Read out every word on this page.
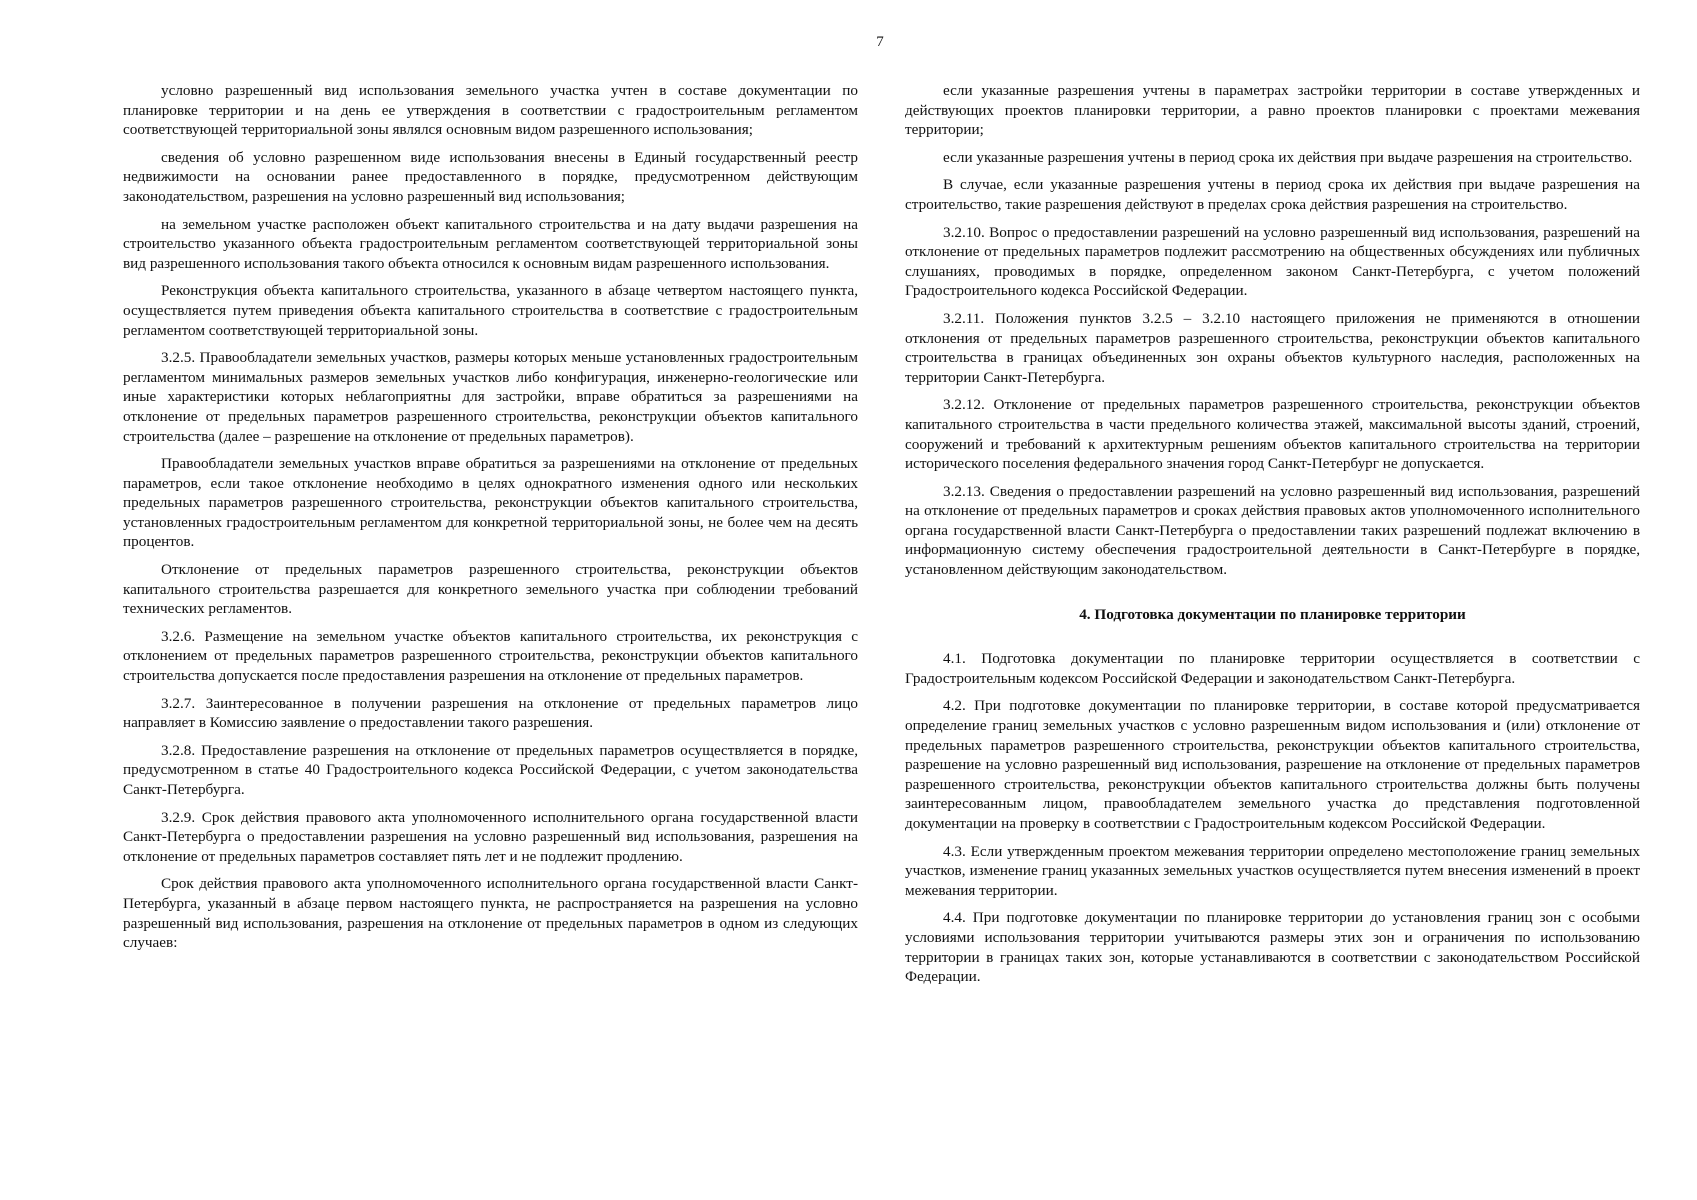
7

условно разрешенный вид использования земельного участка учтен в составе документации по планировке территории и на день ее утверждения в соответствии с градостроительным регламентом соответствующей территориальной зоны являлся основным видом разрешенного использования;

сведения об условно разрешенном виде использования внесены в Единый государственный реестр недвижимости на основании ранее предоставленного в порядке, предусмотренном действующим законодательством, разрешения на условно разрешенный вид использования;

на земельном участке расположен объект капитального строительства и на дату выдачи разрешения на строительство указанного объекта градостроительным регламентом соответствующей территориальной зоны вид разрешенного использования такого объекта относился к основным видам разрешенного использования.

Реконструкция объекта капитального строительства, указанного в абзаце четвертом настоящего пункта, осуществляется путем приведения объекта капитального строительства в соответствие с градостроительным регламентом соответствующей территориальной зоны.

3.2.5. Правообладатели земельных участков, размеры которых меньше установленных градостроительным регламентом минимальных размеров земельных участков либо конфигурация, инженерно-геологические или иные характеристики которых неблагоприятны для застройки, вправе обратиться за разрешениями на отклонение от предельных параметров разрешенного строительства, реконструкции объектов капитального строительства (далее – разрешение на отклонение от предельных параметров).

Правообладатели земельных участков вправе обратиться за разрешениями на отклонение от предельных параметров, если такое отклонение необходимо в целях однократного изменения одного или нескольких предельных параметров разрешенного строительства, реконструкции объектов капитального строительства, установленных градостроительным регламентом для конкретной территориальной зоны, не более чем на десять процентов.

Отклонение от предельных параметров разрешенного строительства, реконструкции объектов капитального строительства разрешается для конкретного земельного участка при соблюдении требований технических регламентов.

3.2.6. Размещение на земельном участке объектов капитального строительства, их реконструкция с отклонением от предельных параметров разрешенного строительства, реконструкции объектов капитального строительства допускается после предоставления разрешения на отклонение от предельных параметров.

3.2.7. Заинтересованное в получении разрешения на отклонение от предельных параметров лицо направляет в Комиссию заявление о предоставлении такого разрешения.

3.2.8. Предоставление разрешения на отклонение от предельных параметров осуществляется в порядке, предусмотренном в статье 40 Градостроительного кодекса Российской Федерации, с учетом законодательства Санкт-Петербурга.

3.2.9. Срок действия правового акта уполномоченного исполнительного органа государственной власти Санкт-Петербурга о предоставлении разрешения на условно разрешенный вид использования, разрешения на отклонение от предельных параметров составляет пять лет и не подлежит продлению.

Срок действия правового акта уполномоченного исполнительного органа государственной власти Санкт-Петербурга, указанный в абзаце первом настоящего пункта, не распространяется на разрешения на условно разрешенный вид использования, разрешения на отклонение от предельных параметров в одном из следующих случаев:

если указанные разрешения учтены в параметрах застройки территории в составе утвержденных и действующих проектов планировки территории, а равно проектов планировки с проектами межевания территории;

если указанные разрешения учтены в период срока их действия при выдаче разрешения на строительство.

В случае, если указанные разрешения учтены в период срока их действия при выдаче разрешения на строительство, такие разрешения действуют в пределах срока действия разрешения на строительство.

3.2.10. Вопрос о предоставлении разрешений на условно разрешенный вид использования, разрешений на отклонение от предельных параметров подлежит рассмотрению на общественных обсуждениях или публичных слушаниях, проводимых в порядке, определенном законом Санкт-Петербурга, с учетом положений Градостроительного кодекса Российской Федерации.

3.2.11. Положения пунктов 3.2.5 – 3.2.10 настоящего приложения не применяются в отношении отклонения от предельных параметров разрешенного строительства, реконструкции объектов капитального строительства в границах объединенных зон охраны объектов культурного наследия, расположенных на территории Санкт-Петербурга.

3.2.12. Отклонение от предельных параметров разрешенного строительства, реконструкции объектов капитального строительства в части предельного количества этажей, максимальной высоты зданий, строений, сооружений и требований к архитектурным решениям объектов капитального строительства на территории исторического поселения федерального значения город Санкт-Петербург не допускается.

3.2.13. Сведения о предоставлении разрешений на условно разрешенный вид использования, разрешений на отклонение от предельных параметров и сроках действия правовых актов уполномоченного исполнительного органа государственной власти Санкт-Петербурга о предоставлении таких разрешений подлежат включению в информационную систему обеспечения градостроительной деятельности в Санкт-Петербурге в порядке, установленном действующим законодательством.

4. Подготовка документации по планировке территории

4.1. Подготовка документации по планировке территории осуществляется в соответствии с Градостроительным кодексом Российской Федерации и законодательством Санкт-Петербурга.

4.2. При подготовке документации по планировке территории, в составе которой предусматривается определение границ земельных участков с условно разрешенным видом использования и (или) отклонение от предельных параметров разрешенного строительства, реконструкции объектов капитального строительства, разрешение на условно разрешенный вид использования, разрешение на отклонение от предельных параметров разрешенного строительства, реконструкции объектов капитального строительства должны быть получены заинтересованным лицом, правообладателем земельного участка до представления подготовленной документации на проверку в соответствии с Градостроительным кодексом Российской Федерации.

4.3. Если утвержденным проектом межевания территории определено местоположение границ земельных участков, изменение границ указанных земельных участков осуществляется путем внесения изменений в проект межевания территории.

4.4. При подготовке документации по планировке территории до установления границ зон с особыми условиями использования территории учитываются размеры этих зон и ограничения по использованию территории в границах таких зон, которые устанавливаются в соответствии с законодательством Российской Федерации.
